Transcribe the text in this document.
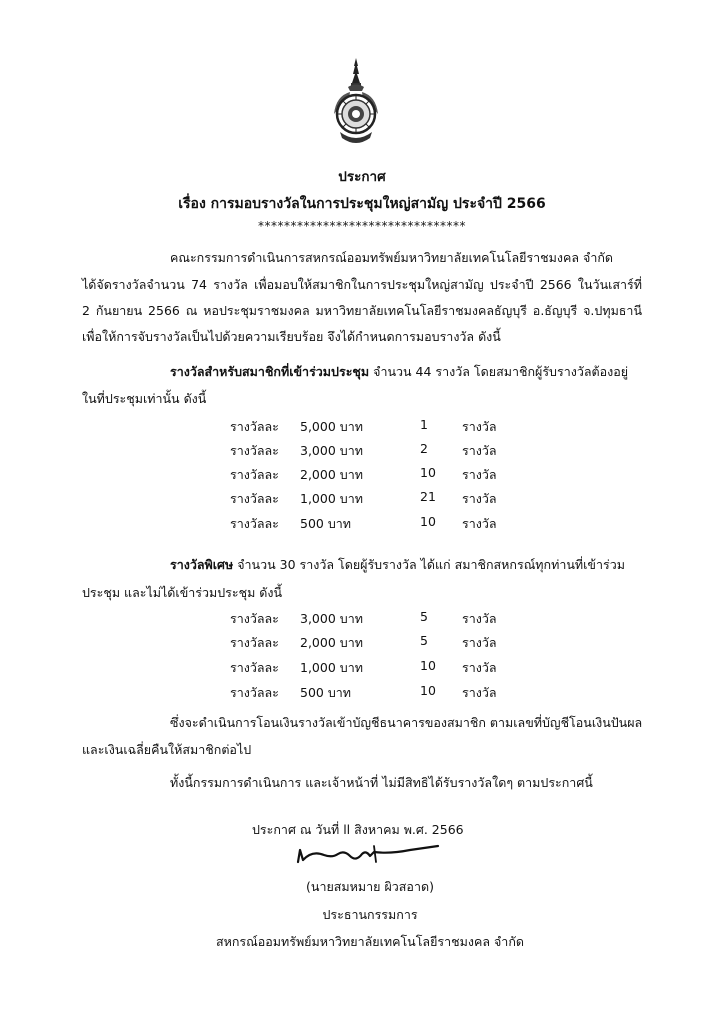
ประกาศ
เรื่อง การมอบรางวัลในการประชุมใหญ่สามัญ ประจำปี 2566
********************************
คณะกรรมการดำเนินการสหกรณ์ออมทรัพย์มหาวิทยาลัยเทคโนโลยีราชมงคล จำกัด
ได้จัดรางวัลจำนวน 74 รางวัล เพื่อมอบให้สมาชิกในการประชุมใหญ่สามัญ ประจำปี 2566 ในวันเสาร์ที่
2 กันยายน 2566 ณ หอประชุมราชมงคล มหาวิทยาลัยเทคโนโลยีราชมงคลธัญบุรี อ.ธัญบุรี จ.ปทุมธานี
เพื่อให้การจับรางวัลเป็นไปด้วยความเรียบร้อย จึงได้กำหนดการมอบรางวัล ดังนี้
รางวัลสำหรับสมาชิกที่เข้าร่วมประชุม จำนวน 44 รางวัล โดยสมาชิกผู้รับรางวัลต้องอยู่
ในที่ประชุมเท่านั้น ดังนี้
รางวัลละ 5,000 บาท	1	รางวัล
รางวัลละ 3,000 บาท	2	รางวัล
รางวัลละ 2,000 บาท	10 รางวัล
รางวัลละ 1,000 บาท	21 รางวัล
รางวัลละ 500 บาท	10 รางวัล
รางวัลพิเศษ จำนวน 30 รางวัล โดยผู้รับรางวัล ได้แก่ สมาชิกสหกรณ์ทุกท่านที่เข้าร่วม
ประชุม และไม่ได้เข้าร่วมประชุม ดังนี้
รางวัลละ 3,000 บาท	5	รางวัล
รางวัลละ 2,000 บาท	5	รางวัล
รางวัลละ 1,000 บาท	10 รางวัล
รางวัลละ 500 บาท	10 รางวัล
ซึ่งจะดำเนินการโอนเงินรางวัลเข้าบัญชีธนาคารของสมาชิก ตามเลขที่บัญชีโอนเงินปันผล
และเงินเฉลี่ยคืนให้สมาชิกต่อไป
ทั้งนี้กรรมการดำเนินการ และเจ้าหน้าที่ ไม่มีสิทธิได้รับรางวัลใดๆ ตามประกาศนี้
ประกาศ ณ วันที่ ll สิงหาคม พ.ศ. 2566
(นายสมหมาย ผิวสอาด)
ประธานกรรมการ
สหกรณ์ออมทรัพย์มหาวิทยาลัยเทคโนโลยีราชมงคล จำกัด
